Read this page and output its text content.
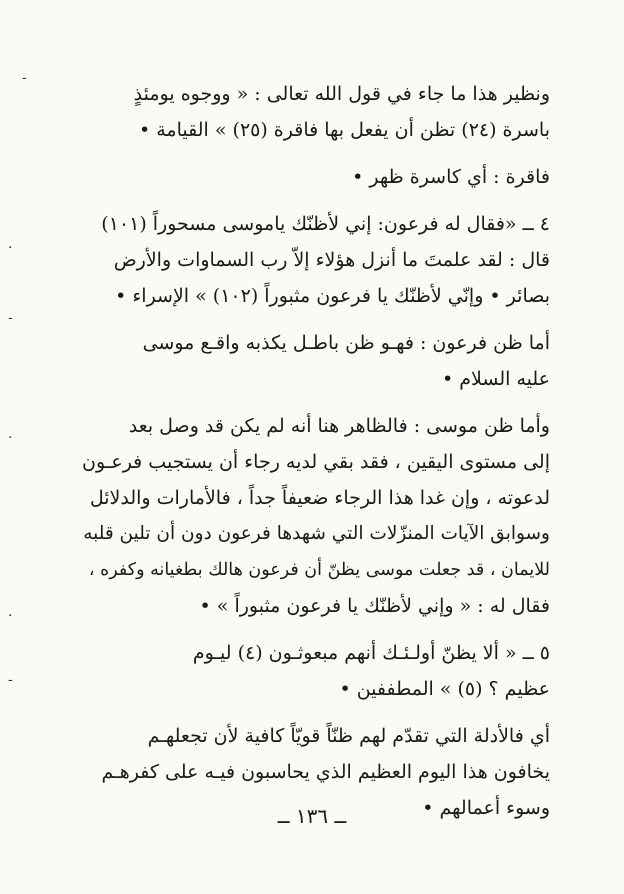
ونظير هذا ما جاء في قول الله تعالى : « ووجوه يومئذٍ
باسرة (٢٤) تظن أن يفعل بها فاقرة (٢٥) » القيامة •
فاقرة : أي كاسرة ظهر •
٤ ــ «فقال له فرعون: إني لأظنّك ياموسى مسحوراً (١٠١)
قال : لقد علمتَ ما أنزل هؤلاء إلاّ رب السماوات والأرض
بصائر • وإنّي لأظنّك يا فرعون مثبوراً (١٠٢) » الإسراء •
أما ظن فرعون : فهـو ظن باطـل يكذبه واقـع موسى
عليه السلام •
وأما ظن موسى : فالظاهر هنا أنه لم يكن قد وصل بعد
إلى مستوى اليقين ، فقد بقي لديه رجاء أن يستجيب فرعـون
لدعوته ، وإن غدا هذا الرجاء ضعيفاً جداً ، فالأمارات والدلائل
وسوابق الآيات المنزّلات التي شهدها فرعون دون أن تلين قلبه
للايمان ، قد جعلت موسى يظنّ أن فرعون هالك بطغيانه وكفره ،
فقال له : « وإني لأظنّك يا فرعون مثبوراً » •
٥ ــ « ألا يظنّ أولـئـك أنهم مبعوثـون (٤) ليـوم
عظيم ؟ (٥) » المطففين •
أي فالأدلة التي تقدّم لهم ظنّاً قويّاً كافية لأن تجعلهـم
يخافون هذا اليوم العظيم الذي يحاسبون فيـه على كفرهـم
وسوء أعمالهم •
ــ ١٣٦ ــ
-
·
-
·
·
-
